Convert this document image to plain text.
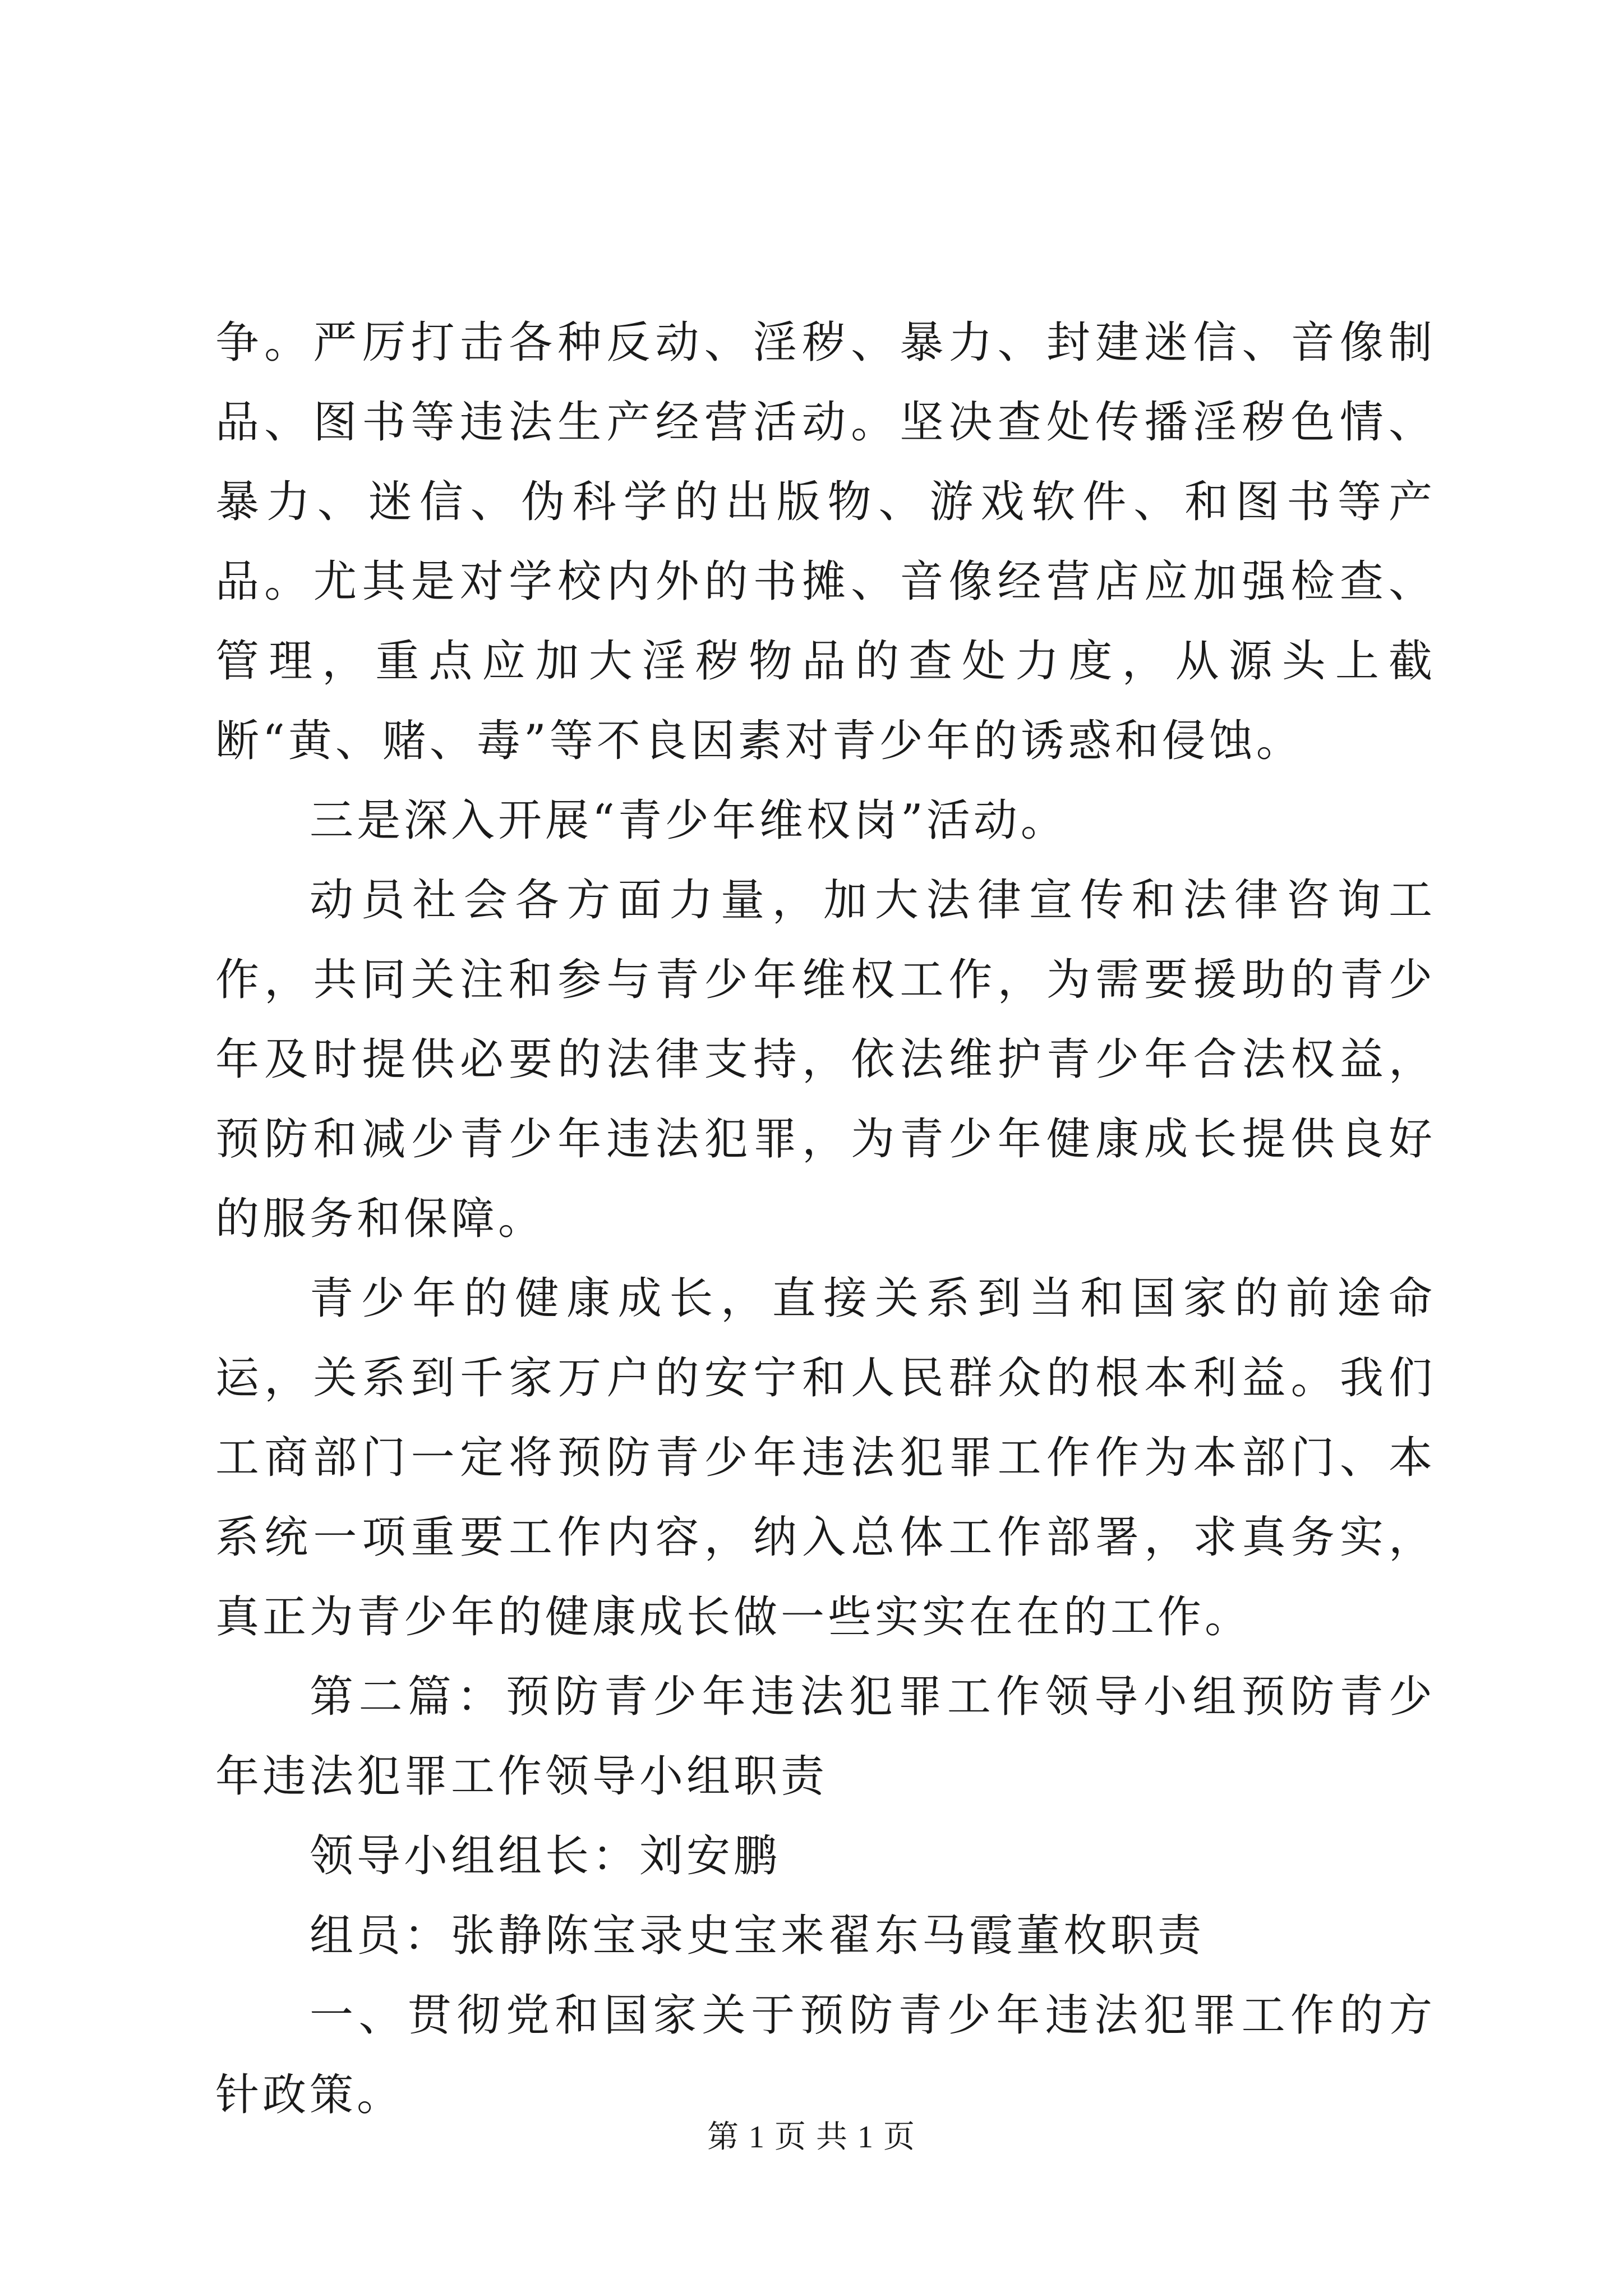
争。严厉打击各种反动、淫秽、暴力、封建迷信、音像制品、图书等违法生产经营活动。坚决查处传播淫秽色情、暴力、迷信、伪科学的出版物、游戏软件、和图书等产品。尤其是对学校内外的书摊、音像经营店应加强检查、管理，重点应加大淫秽物品的查处力度，从源头上截断“黄、赌、毒”等不良因素对青少年的诱惑和侵蚀。

三是深入开展“青少年维权岗”活动。

动员社会各方面力量，加大法律宣传和法律咨询工作，共同关注和参与青少年维权工作，为需要援助的青少年及时提供必要的法律支持，依法维护青少年合法权益，预防和减少青少年违法犯罪，为青少年健康成长提供良好的服务和保障。

青少年的健康成长，直接关系到当和国家的前途命运，关系到千家万户的安宁和人民群众的根本利益。我们工商部门一定将预防青少年违法犯罪工作作为本部门、本系统一项重要工作内容，纳入总体工作部署，求真务实，真正为青少年的健康成长做一些实实在在的工作。

第二篇：预防青少年违法犯罪工作领导小组预防青少年违法犯罪工作领导小组职责

领导小组组长：刘安鹏

组员：张静陈宝录史宝来翟东马霞董枚职责

一、贯彻党和国家关于预防青少年违法犯罪工作的方针政策。

第 1 页 共 1 页
